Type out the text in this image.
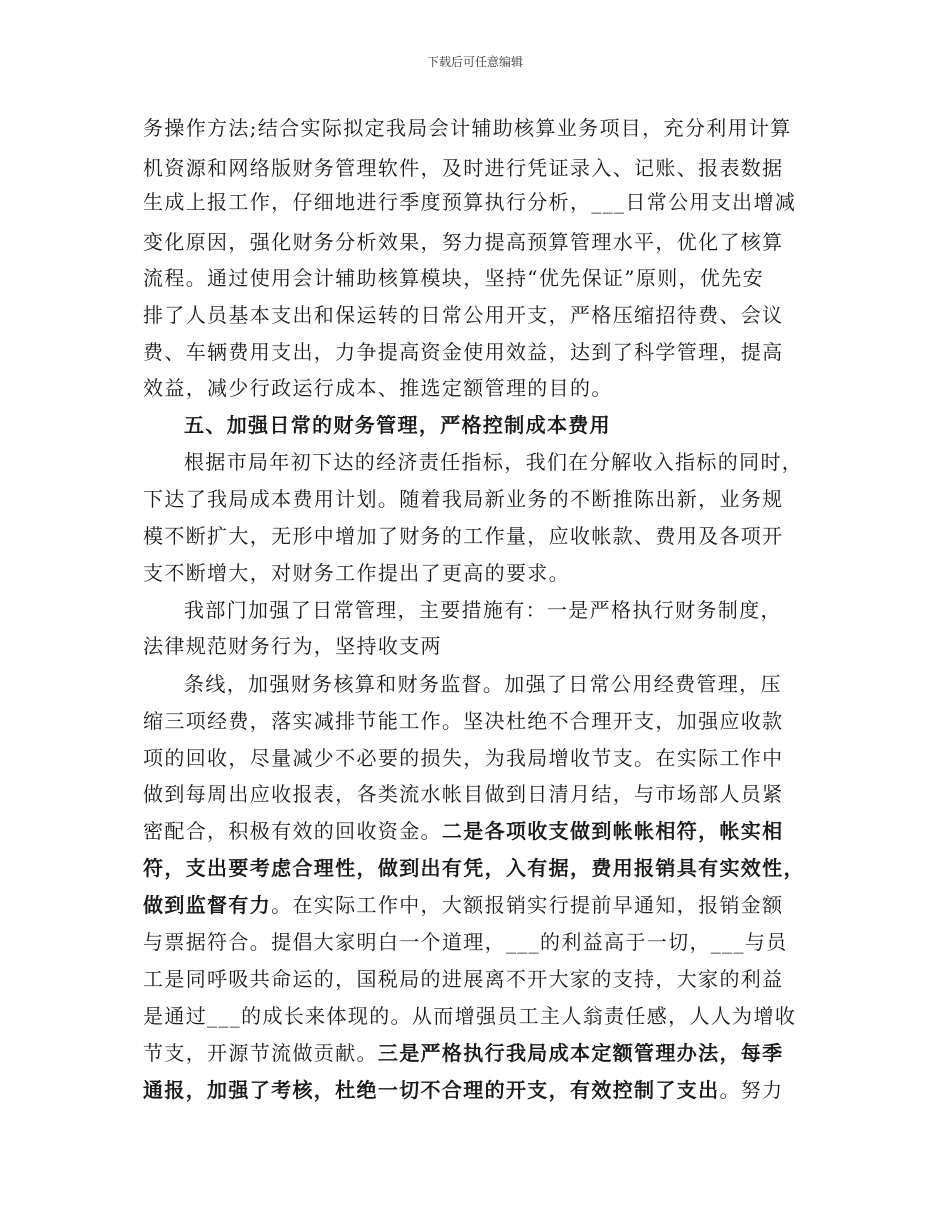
下载后可任意编辑
务操作方法;结合实际拟定我局会计辅助核算业务项目，充分利用计算
机资源和网络版财务管理软件，及时进行凭证录入、记账、报表数据
生成上报工作，仔细地进行季度预算执行分析，___日常公用支出增减
变化原因，强化财务分析效果，努力提高预算管理水平，优化了核算
流程。通过使用会计辅助核算模块，坚持“优先保证”原则，优先安
排了人员基本支出和保运转的日常公用开支，严格压缩招待费、会议
费、车辆费用支出，力争提高资金使用效益，达到了科学管理，提高
效益，减少行政运行成本、推选定额管理的目的。
五、加强日常的财务管理，严格控制成本费用
根据市局年初下达的经济责任指标，我们在分解收入指标的同时，
下达了我局成本费用计划。随着我局新业务的不断推陈出新，业务规
模不断扩大，无形中增加了财务的工作量，应收帐款、费用及各项开
支不断增大，对财务工作提出了更高的要求。
我部门加强了日常管理，主要措施有：一是严格执行财务制度，
法律规范财务行为，坚持收支两
条线，加强财务核算和财务监督。加强了日常公用经费管理，压
缩三项经费，落实减排节能工作。坚决杜绝不合理开支，加强应收款
项的回收，尽量减少不必要的损失，为我局增收节支。在实际工作中
做到每周出应收报表，各类流水帐目做到日清月结，与市场部人员紧
密配合，积极有效的回收资金。二是各项收支做到帐帐相符，帐实相
符，支出要考虑合理性，做到出有凭，入有据，费用报销具有实效性，
做到监督有力。在实际工作中，大额报销实行提前早通知，报销金额
与票据符合。提倡大家明白一个道理，___的利益高于一切，___与员
工是同呼吸共命运的，国税局的进展离不开大家的支持，大家的利益
是通过___的成长来体现的。从而增强员工主人翁责任感，人人为增收
节支，开源节流做贡献。三是严格执行我局成本定额管理办法，每季
通报，加强了考核，杜绝一切不合理的开支，有效控制了支出。努力
